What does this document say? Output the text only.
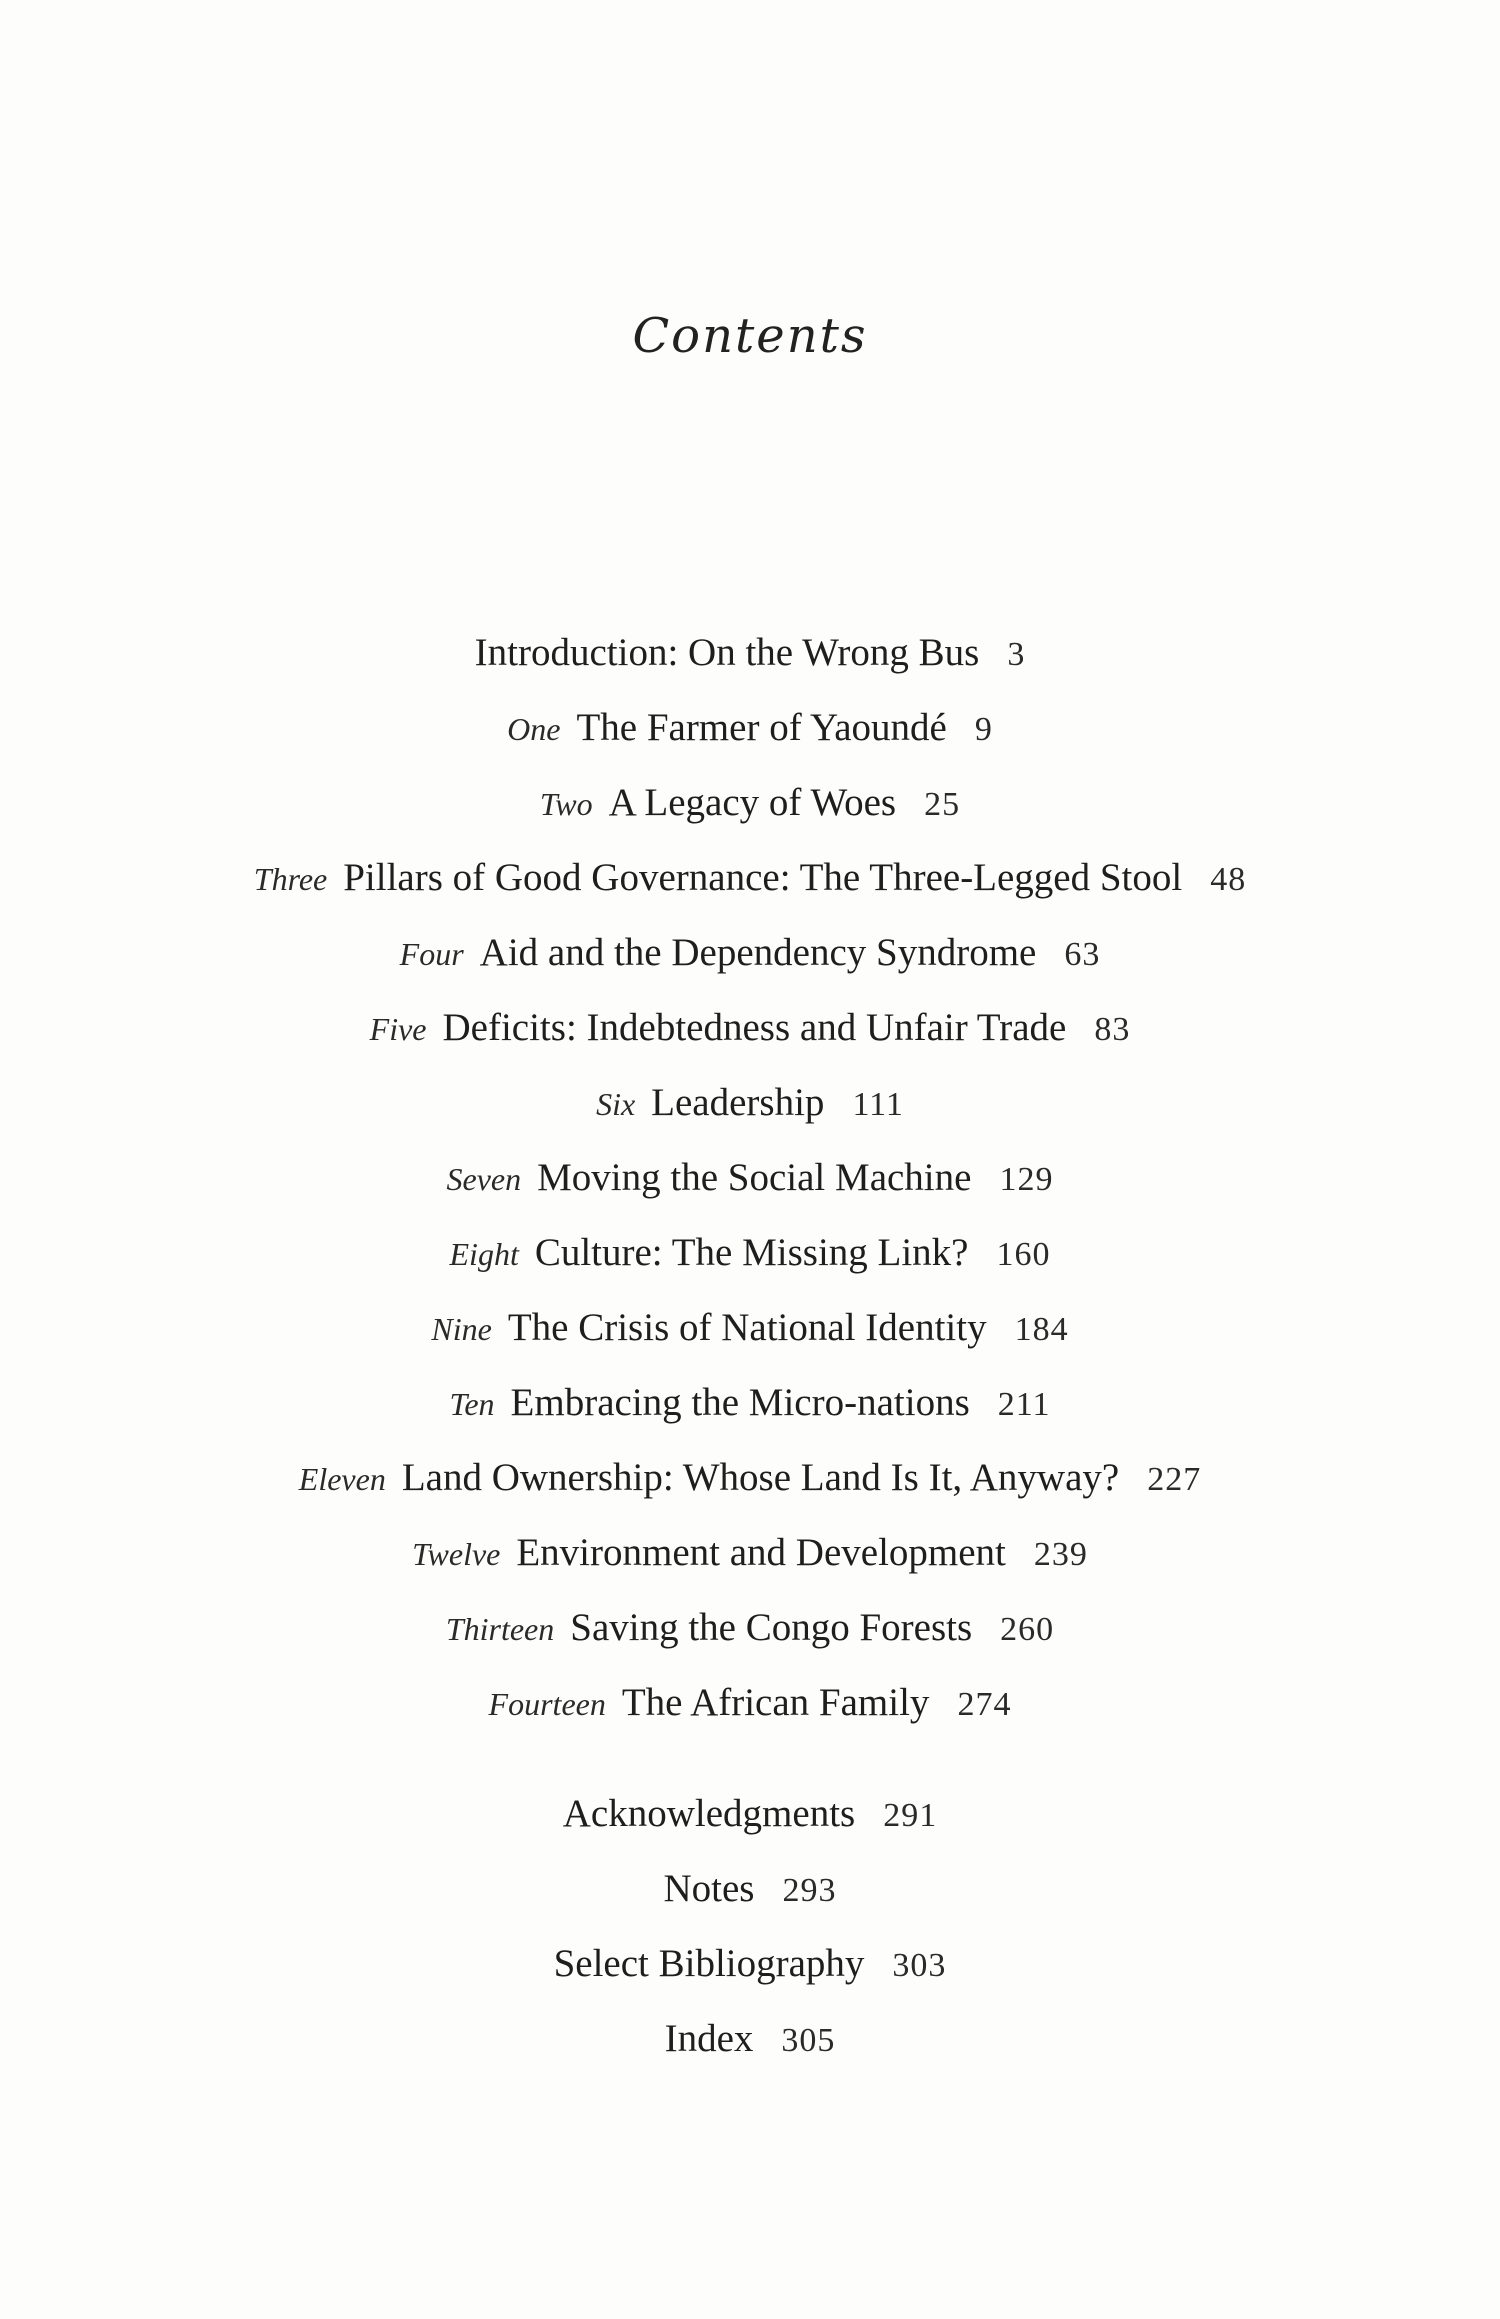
Contents
Introduction: On the Wrong Bus 3
One The Farmer of Yaoundé 9
Two A Legacy of Woes 25
Three Pillars of Good Governance: The Three-Legged Stool 48
Four Aid and the Dependency Syndrome 63
Five Deficits: Indebtedness and Unfair Trade 83
Six Leadership 111
Seven Moving the Social Machine 129
Eight Culture: The Missing Link? 160
Nine The Crisis of National Identity 184
Ten Embracing the Micro-nations 211
Eleven Land Ownership: Whose Land Is It, Anyway? 227
Twelve Environment and Development 239
Thirteen Saving the Congo Forests 260
Fourteen The African Family 274
Acknowledgments 291
Notes 293
Select Bibliography 303
Index 305
